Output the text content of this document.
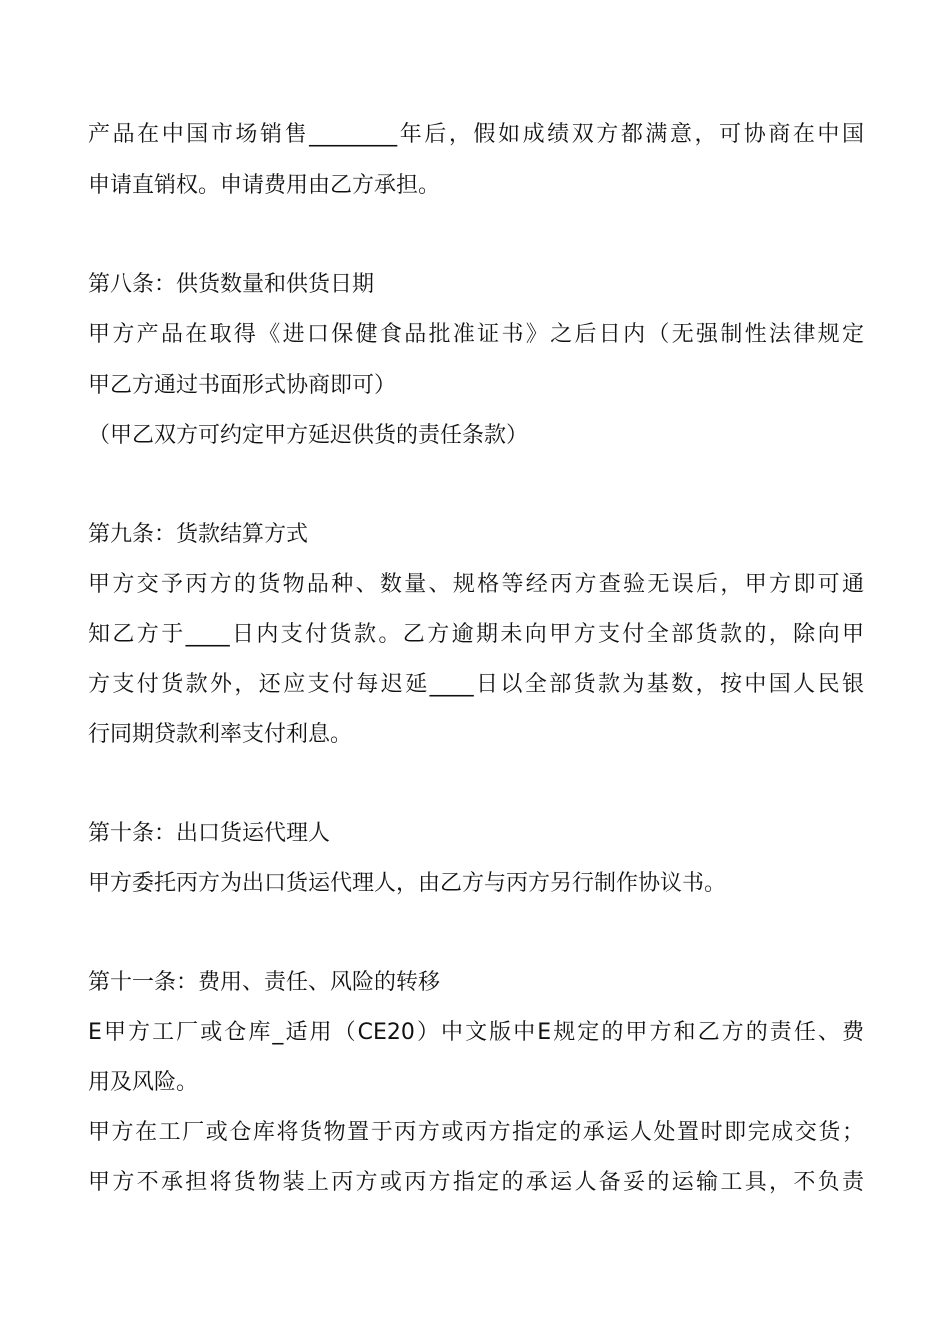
产品在中国市场销售________年后，假如成绩双方都满意，可协商在中国
申请直销权。申请费用由乙方承担。
第八条：供货数量和供货日期
甲方产品在取得《进口保健食品批准证书》之后日内（无强制性法律规定
甲乙方通过书面形式协商即可）
（甲乙双方可约定甲方延迟供货的责任条款）
第九条：货款结算方式
甲方交予丙方的货物品种、数量、规格等经丙方查验无误后，甲方即可通
知乙方于____日内支付货款。乙方逾期未向甲方支付全部货款的，除向甲
方支付货款外，还应支付每迟延____日以全部货款为基数，按中国人民银
行同期贷款利率支付利息。
第十条：出口货运代理人
甲方委托丙方为出口货运代理人，由乙方与丙方另行制作协议书。
第十一条：费用、责任、风险的转移
E甲方工厂或仓库_适用（CE20）中文版中E规定的甲方和乙方的责任、费
用及风险。
甲方在工厂或仓库将货物置于丙方或丙方指定的承运人处置时即完成交货；
甲方不承担将货物装上丙方或丙方指定的承运人备妥的运输工具，不负责
